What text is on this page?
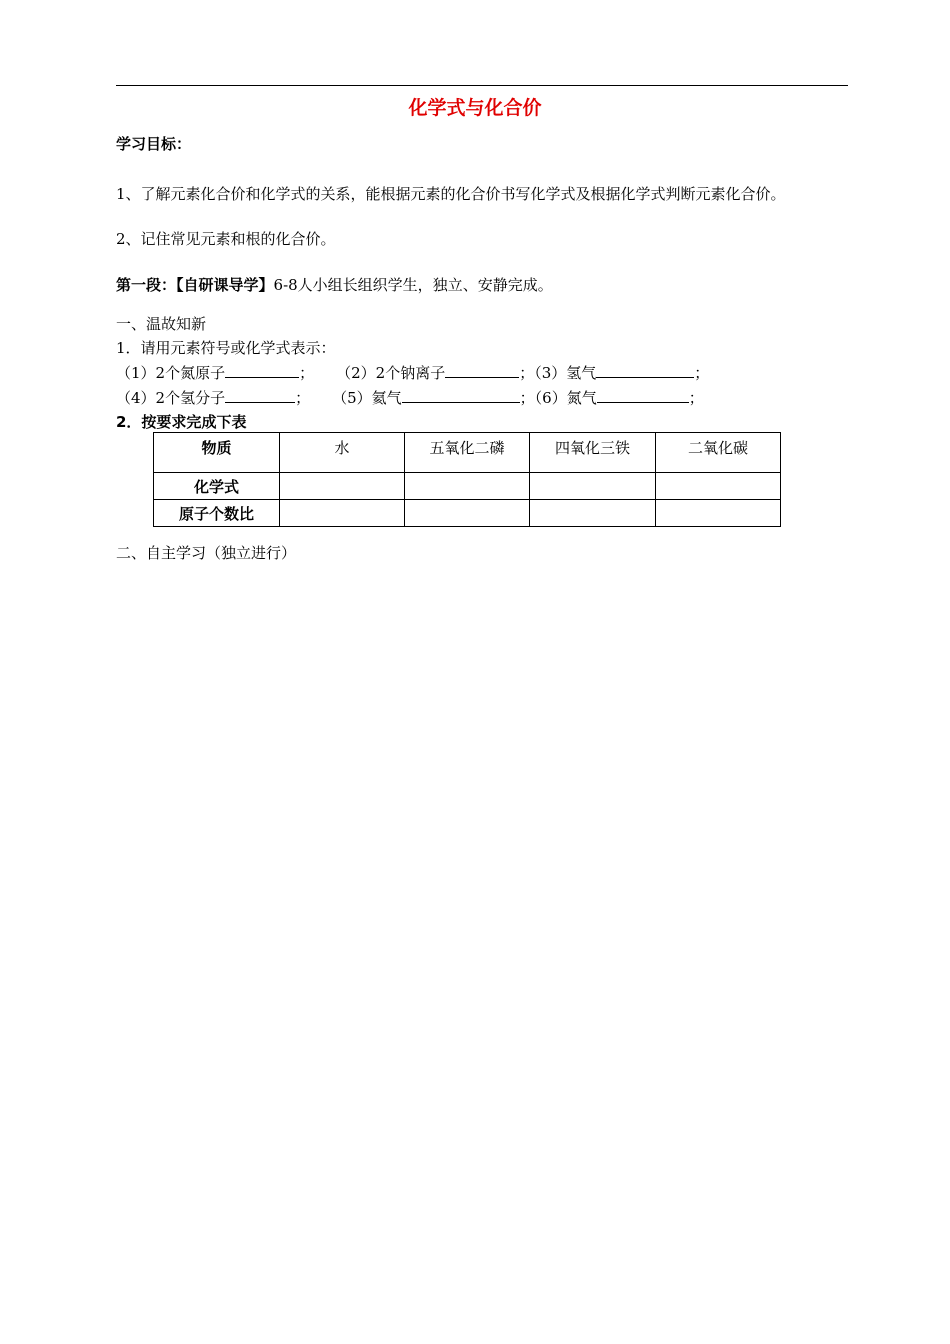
化学式与化合价
学习目标：
1、了解元素化合价和化学式的关系，能根据元素的化合价书写化学式及根据化学式判断元素化合价。
2、记住常见元素和根的化合价。
第一段：【自研课导学】6-8人小组长组织学生，独立、安静完成。
一、温故知新
1．请用元素符号或化学式表示：
（1）2个氮原子	； （2）2个钠离子	；（3）氢气	；
（4）2个氢分子	； （5）氦气	；（6）氮气	；
2．按要求完成下表
物质	水	五氧化二磷	四氧化三铁	二氧化碳
化学式				
原子个数比				
二、自主学习（独立进行）
